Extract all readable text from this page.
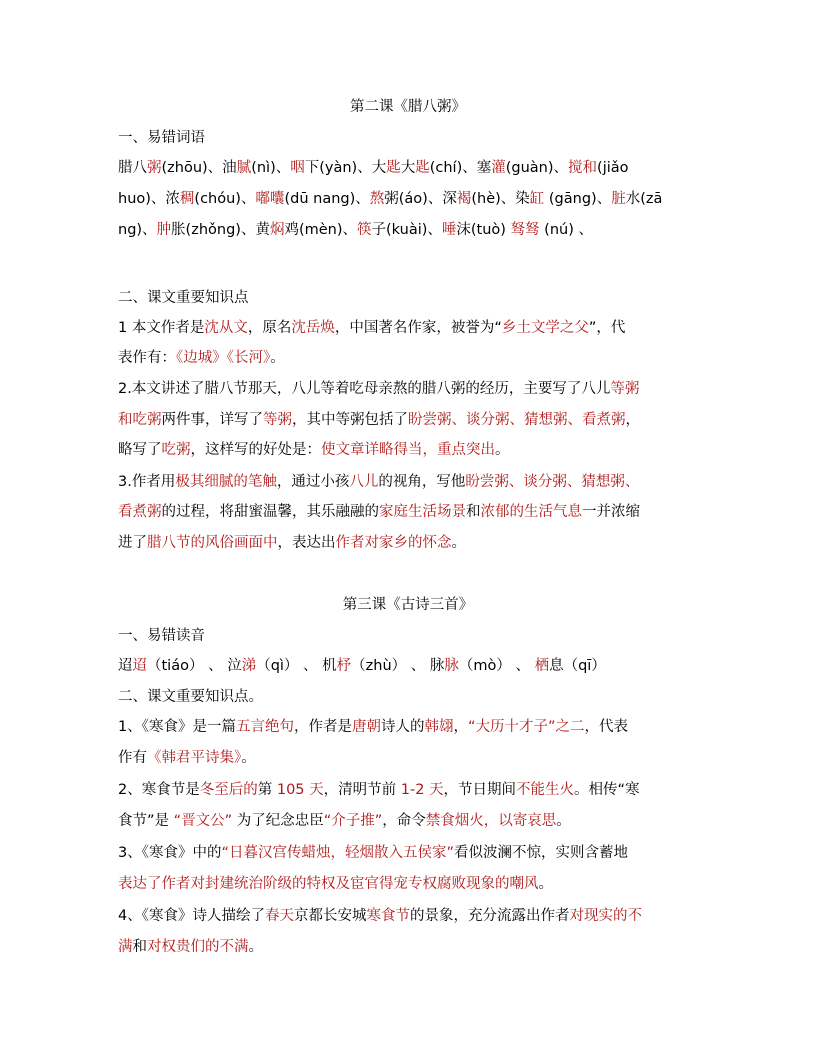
第二课《腊八粥》
一、易错词语
腊八粥(zhōu)、油腻(nì)、咽下(yàn)、大匙大匙(chí)、塞灌(guàn)、搅和(jiǎo
huo)、浓稠(chóu)、嘟囔(dū nang)、熬粥(áo)、深褐(hè)、染缸 (gāng)、脏水(zā
ng)、肿胀(zhǒng)、黄焖鸡(mèn)、筷子(kuài)、唾沫(tuò) 驽驽 (nú) 、
二、课文重要知识点
1 本文作者是沈从文，原名沈岳焕，中国著名作家，被誉为“乡土文学之父”，代
表作有：《边城》《长河》。
2.本文讲述了腊八节那天，八儿等着吃母亲熬的腊八粥的经历，主要写了八儿等粥
和吃粥两件事，详写了等粥，其中等粥包括了盼尝粥、谈分粥、猜想粥、看煮粥，
略写了吃粥，这样写的好处是：使文章详略得当，重点突出。
3.作者用极其细腻的笔触，通过小孩八儿的视角，写他盼尝粥、谈分粥、猜想粥、
看煮粥的过程，将甜蜜温馨，其乐融融的家庭生活场景和浓郁的生活气息一并浓缩
进了腊八节的风俗画面中，表达出作者对家乡的怀念。
第三课《古诗三首》
一、易错读音
迢迢（tiáo） 、 泣涕（qì） 、 机杼（zhù） 、 脉脉（mò） 、 栖息（qī）
二、课文重要知识点。
1、《寒食》是一篇五言绝句，作者是唐朝诗人的韩翃，“大历十才子”之二，代表
作有《韩君平诗集》。
2、寒食节是冬至后的第 105 天，清明节前 1-2 天，节日期间不能生火。相传“寒
食节”是 “晋文公” 为了纪念忠臣“介子推”，命令禁食烟火，以寄哀思。
3、《寒食》中的“日暮汉宫传蜡烛，轻烟散入五侯家”看似波澜不惊，实则含蓄地
表达了作者对封建统治阶级的特权及宦官得宠专权腐败现象的嘲风。
4、《寒食》诗人描绘了春天京都长安城寒食节的景象，充分流露出作者对现实的不
满和对权贵们的不满。
